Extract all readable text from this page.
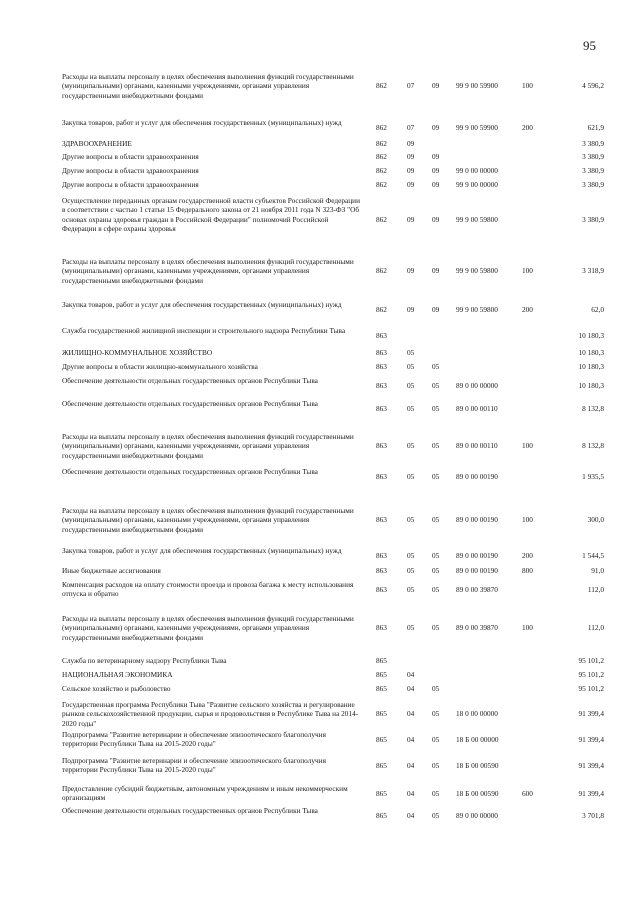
95
Расходы на выплаты персоналу в целях обеспечения выполнения функций государственными (муниципальными) органами, казенными учреждениями, органами управления государственными внебюджетными фондами
862	07 09 99 9 00 59900	100	4 596,2
Закупка товаров, работ и услуг для обеспечения государственных (муниципальных) нужд
862	07 09 99 9 00 59900	200	621,9
ЗДРАВООХРАНЕНИЕ	862	09	3 380,9
Другие вопросы в области здравоохранения	862	09 09	3 380,9
Другие вопросы в области здравоохранения	862	09 09 99 0 00 00000	3 380,9
Другие вопросы в области здравоохранения	862	09 09 99 9 00 00000	3 380,9
Осуществление переданных органам государственной власти субъектов Российской Федерации в соответствии с частью 1 статьи 15 Федерального закона от 21 ноября 2011 года N 323-ФЗ "Об основах охраны здоровья граждан в Российской Федерации" полномочий Российской Федерации в сфере охраны здоровья
862	09 09 99 9 00 59800	3 380,9
Расходы на выплаты персоналу в целях обеспечения выполнения функций государственными (муниципальными) органами, казенными учреждениями, органами управления государственными внебюджетными фондами
862	09 09 99 9 00 59800	100	3 318,9
Закупка товаров, работ и услуг для обеспечения государственных (муниципальных) нужд
862	09 09 99 9 00 59800	200	62,0
Служба государственной жилищной инспекции и строительного надзора Республики Тыва
863	10 180,3
ЖИЛИЩНО-КОММУНАЛЬНОЕ ХОЗЯЙСТВО	863	05	10 180,3
Другие вопросы в области жилищно-коммунального хозяйства	863	05 05	10 180,3
Обеспечение деятельности отдельных государственных органов Республики Тыва
863	05 05 89 0 00 00000	10 180,3
Обеспечение деятельности отдельных государственных органов Республики Тыва
863	05 05 89 0 00 00110	8 132,8
Расходы на выплаты персоналу в целях обеспечения выполнения функций государственными (муниципальными) органами, казенными учреждениями, органами управления государственными внебюджетными фондами
863	05 05 89 0 00 00110	100	8 132,8
Обеспечение деятельности отдельных государственных органов Республики Тыва
863	05 05 89 0 00 00190	1 935,5
Расходы на выплаты персоналу в целях обеспечения выполнения функций государственными (муниципальными) органами, казенными учреждениями, органами управления государственными внебюджетными фондами
863	05 05 89 0 00 00190	100	300,0
Закупка товаров, работ и услуг для обеспечения государственных (муниципальных) нужд
863	05 05 89 0 00 00190	200	1 544,5
Иные бюджетные ассигнования	863	05 05 89 0 00 00190	800	91,0
Компенсация расходов на оплату стоимости проезда и провоза багажа к месту использования отпуска и обратно	863	05 05 89 0 00 39870	112,0
Расходы на выплаты персоналу в целях обеспечения выполнения функций государственными (муниципальными) органами, казенными учреждениями, органами управления государственными внебюджетными фондами
863	05 05 89 0 00 39870	100	112,0
Служба по ветеринарному надзору Республики Тыва	865	95 101,2
НАЦИОНАЛЬНАЯ ЭКОНОМИКА	865	04	95 101,2
Сельское хозяйство и рыболовство	865	04 05	95 101,2
Государственная программа Республики Тыва "Развитие сельского хозяйства и регулирование рынков сельскохозяйственной продукции, сырья и продовольствия в Республике Тыва на 2014-2020 годы"
865	04 05 18 0 00 00000	91 399,4
Подпрограмма "Развитие ветеринарии и обеспечение эпизоотического благополучия территории Республики Тыва на 2015-2020 годы"	865	04 05 18 Б 00 00000	91 399,4
Подпрограмма "Развитие ветеринарии и обеспечение эпизоотического благополучия территории Республики Тыва на 2015-2020 годы"	865	04 05 18 Б 00 00590	91 399,4
Предоставление субсидий бюджетным, автономным учреждениям и иным некоммерческим организациям	865	04 05 18 Б 00 00590	600	91 399,4
Обеспечение деятельности отдельных государственных органов Республики Тыва
865	04 05 89 0 00 00000	3 701,8
